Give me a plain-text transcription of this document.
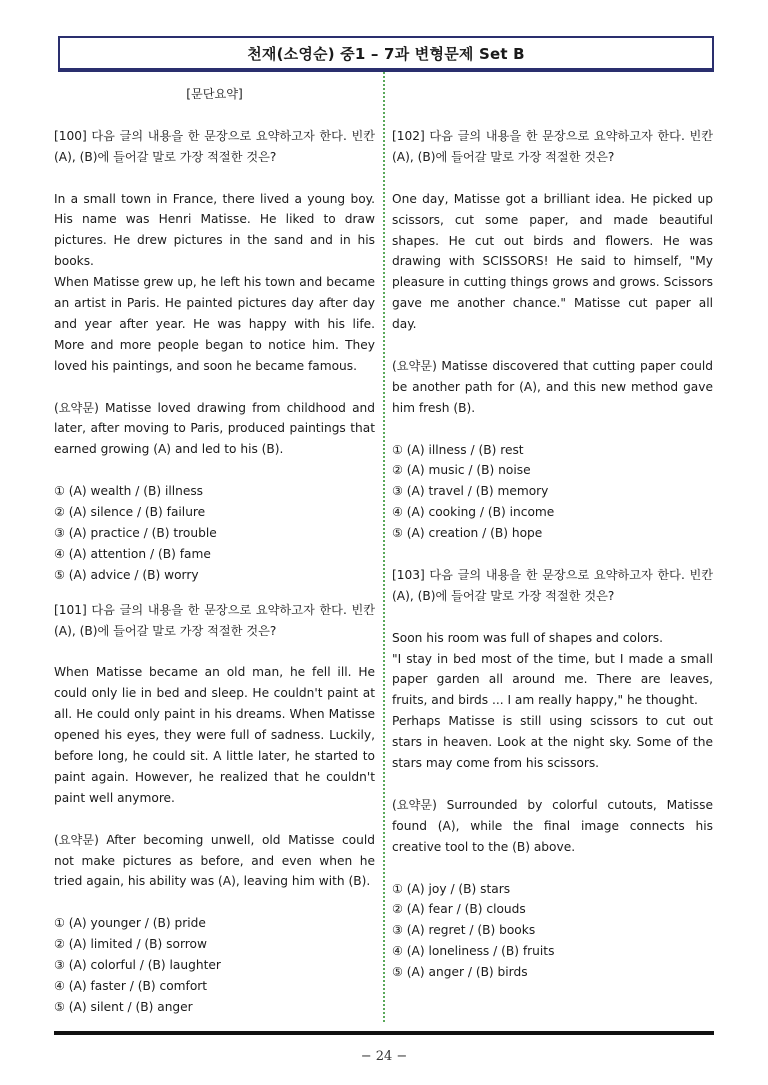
천재(소영순) 중1 – 7과 변형문제 Set B

[문단요약]

[100] 다음 글의 내용을 한 문장으로 요약하고자 한다. 빈칸 (A), (B)에 들어갈 말로 가장 적절한 것은?

In a small town in France, there lived a young boy. His name was Henri Matisse. He liked to draw pictures. He drew pictures in the sand and in his books.

When Matisse grew up, he left his town and became an artist in Paris. He painted pictures day after day and year after year. He was happy with his life. More and more people began to notice him. They loved his paintings, and soon he became famous.

(요약문) Matisse loved drawing from childhood and later, after moving to Paris, produced paintings that earned growing (A) and led to his (B).

① (A) wealth / (B) illness

② (A) silence / (B) failure

③ (A) practice / (B) trouble

④ (A) attention / (B) fame

⑤ (A) advice / (B) worry

[101] 다음 글의 내용을 한 문장으로 요약하고자 한다. 빈칸 (A), (B)에 들어갈 말로 가장 적절한 것은?

When Matisse became an old man, he fell ill. He could only lie in bed and sleep. He couldn't paint at all. He could only paint in his dreams. When Matisse opened his eyes, they were full of sadness. Luckily, before long, he could sit. A little later, he started to paint again. However, he realized that he couldn't paint well anymore.

(요약문) After becoming unwell, old Matisse could not make pictures as before, and even when he tried again, his ability was (A), leaving him with (B).

① (A) younger / (B) pride

② (A) limited / (B) sorrow

③ (A) colorful / (B) laughter

④ (A) faster / (B) comfort

⑤ (A) silent / (B) anger

[102] 다음 글의 내용을 한 문장으로 요약하고자 한다. 빈칸 (A), (B)에 들어갈 말로 가장 적절한 것은?

One day, Matisse got a brilliant idea. He picked up scissors, cut some paper, and made beautiful shapes. He cut out birds and flowers. He was drawing with SCISSORS! He said to himself, "My pleasure in cutting things grows and grows. Scissors gave me another chance." Matisse cut paper all day.

(요약문) Matisse discovered that cutting paper could be another path for (A), and this new method gave him fresh (B).

① (A) illness / (B) rest

② (A) music / (B) noise

③ (A) travel / (B) memory

④ (A) cooking / (B) income

⑤ (A) creation / (B) hope

[103] 다음 글의 내용을 한 문장으로 요약하고자 한다. 빈칸 (A), (B)에 들어갈 말로 가장 적절한 것은?

Soon his room was full of shapes and colors.

"I stay in bed most of the time, but I made a small paper garden all around me. There are leaves, fruits, and birds ... I am really happy," he thought.

Perhaps Matisse is still using scissors to cut out stars in heaven. Look at the night sky. Some of the stars may come from his scissors.

(요약문) Surrounded by colorful cutouts, Matisse found (A), while the final image connects his creative tool to the (B) above.

① (A) joy / (B) stars

② (A) fear / (B) clouds

③ (A) regret / (B) books

④ (A) loneliness / (B) fruits

⑤ (A) anger / (B) birds

− 24 −
